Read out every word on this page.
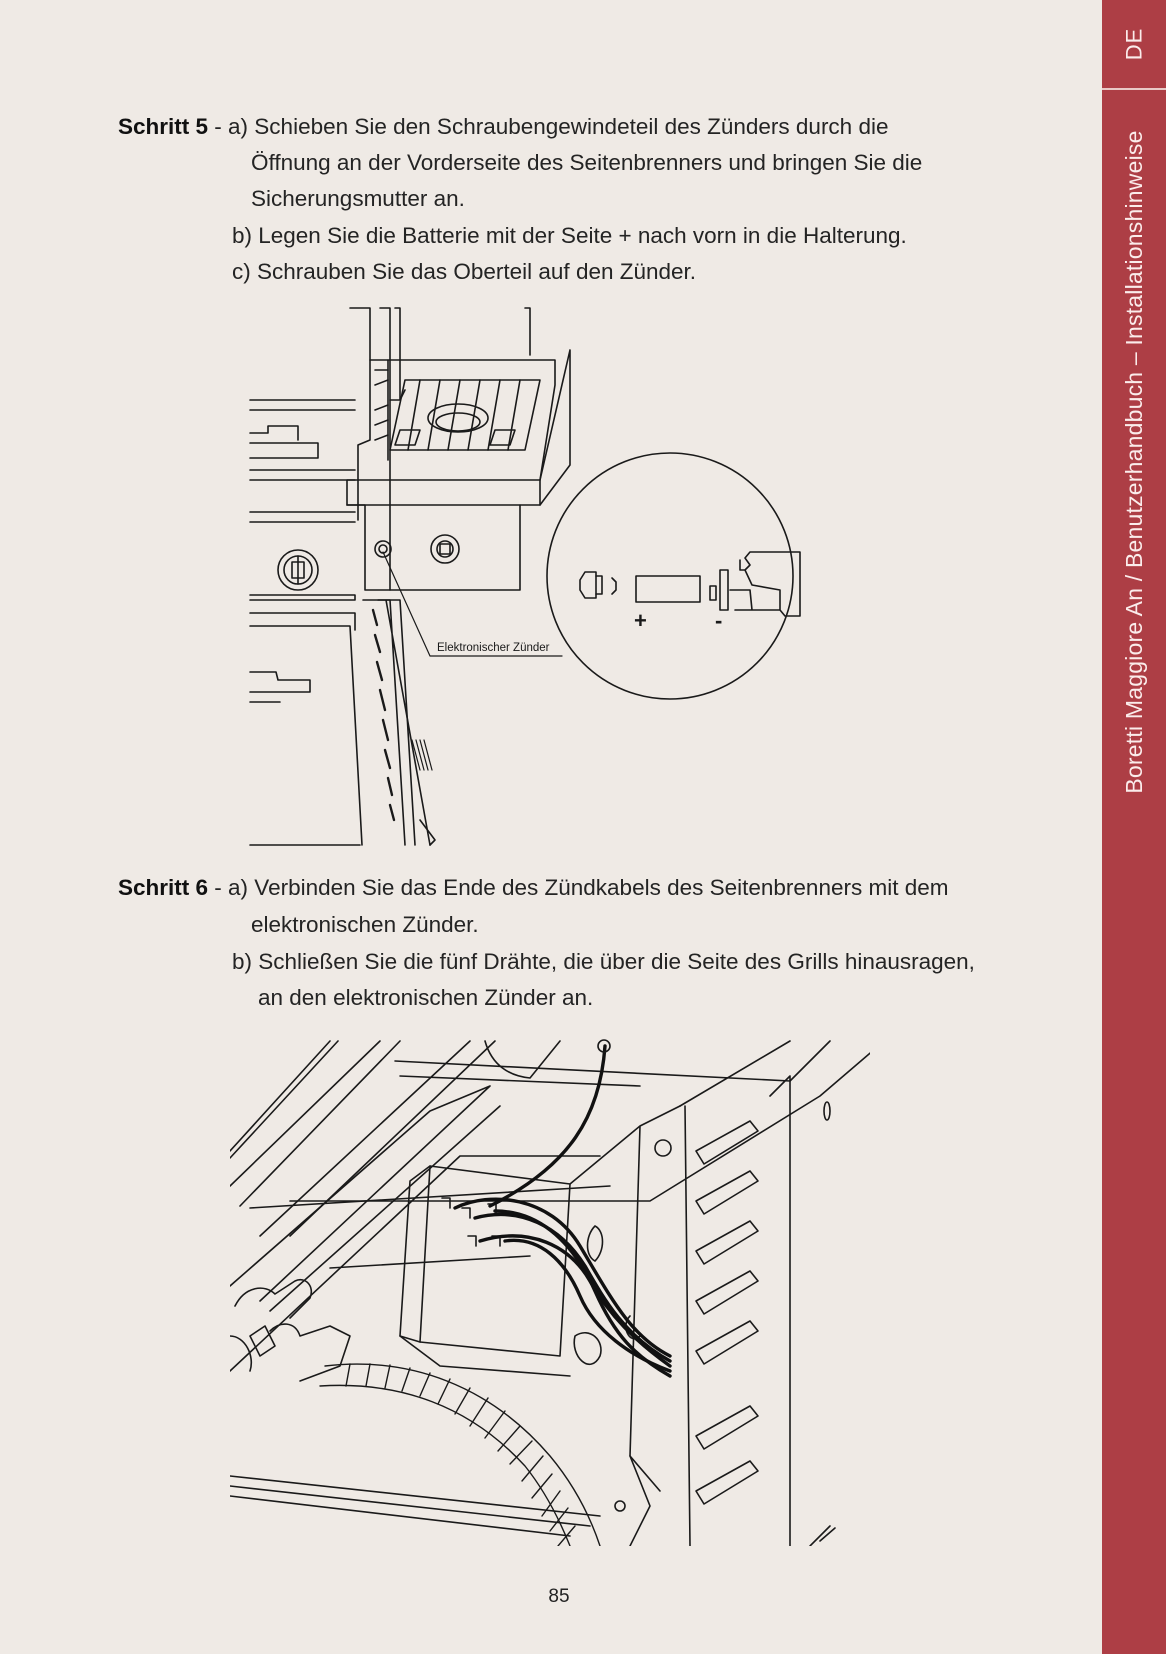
DE
Boretti Maggiore An / Benutzerhandbuch – Installationshinweise
Schritt 5 - a) Schieben Sie den Schraubengewindeteil des Zünders durch die
Öffnung an der Vorderseite des Seitenbrenners und bringen Sie die
Sicherungsmutter an.
b) Legen Sie die Batterie mit der Seite + nach vorn in die Halterung.
c) Schrauben Sie das Oberteil auf den Zünder.
Elektronischer Zünder
+	-
Schritt 6 - a) Verbinden Sie das Ende des Zündkabels des Seitenbrenners mit dem
elektronischen Zünder.
b) Schließen Sie die fünf Drähte, die über die Seite des Grills hinausragen,
an den elektronischen Zünder an.
85
